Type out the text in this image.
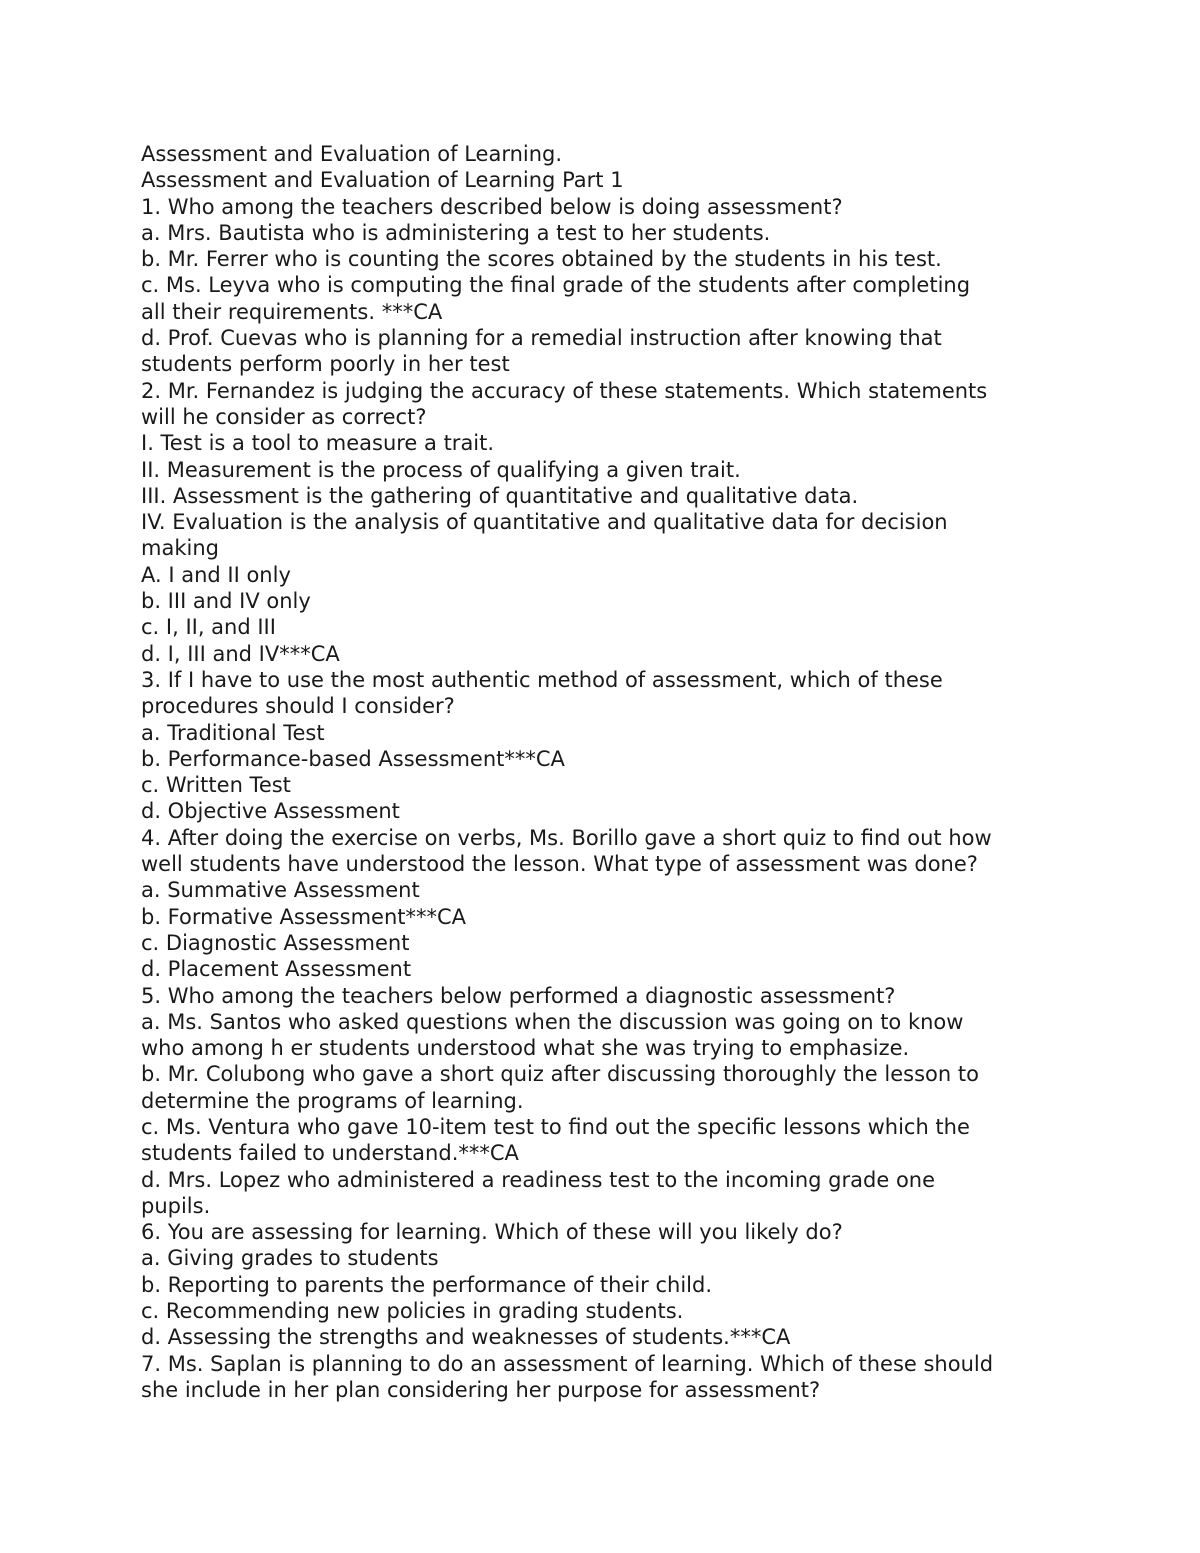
Assessment and Evaluation of Learning.
Assessment and Evaluation of Learning Part 1
1. Who among the teachers described below is doing assessment?
a. Mrs. Bautista who is administering a test to her students.
b. Mr. Ferrer who is counting the scores obtained by the students in his test.
c. Ms. Leyva who is computing the final grade of the students after completing
all their requirements. ***CA
d. Prof. Cuevas who is planning for a remedial instruction after knowing that
students perform poorly in her test
2. Mr. Fernandez is judging the accuracy of these statements. Which statements
will he consider as correct?
I. Test is a tool to measure a trait.
II. Measurement is the process of qualifying a given trait.
III. Assessment is the gathering of quantitative and qualitative data.
IV. Evaluation is the analysis of quantitative and qualitative data for decision
making
A. I and II only
b. III and IV only
c. I, II, and III
d. I, III and IV***CA
3. If I have to use the most authentic method of assessment, which of these
procedures should I consider?
a. Traditional Test
b. Performance-based Assessment***CA
c. Written Test
d. Objective Assessment
4. After doing the exercise on verbs, Ms. Borillo gave a short quiz to find out how
well students have understood the lesson. What type of assessment was done?
a. Summative Assessment
b. Formative Assessment***CA
c. Diagnostic Assessment
d. Placement Assessment
5. Who among the teachers below performed a diagnostic assessment?
a. Ms. Santos who asked questions when the discussion was going on to know
who among h er students understood what she was trying to emphasize.
b. Mr. Colubong who gave a short quiz after discussing thoroughly the lesson to
determine the programs of learning.
c. Ms. Ventura who gave 10-item test to find out the specific lessons which the
students failed to understand.***CA
d. Mrs. Lopez who administered a readiness test to the incoming grade one
pupils.
6. You are assessing for learning. Which of these will you likely do?
a. Giving grades to students
b. Reporting to parents the performance of their child.
c. Recommending new policies in grading students.
d. Assessing the strengths and weaknesses of students.***CA
7. Ms. Saplan is planning to do an assessment of learning. Which of these should
she include in her plan considering her purpose for assessment?
